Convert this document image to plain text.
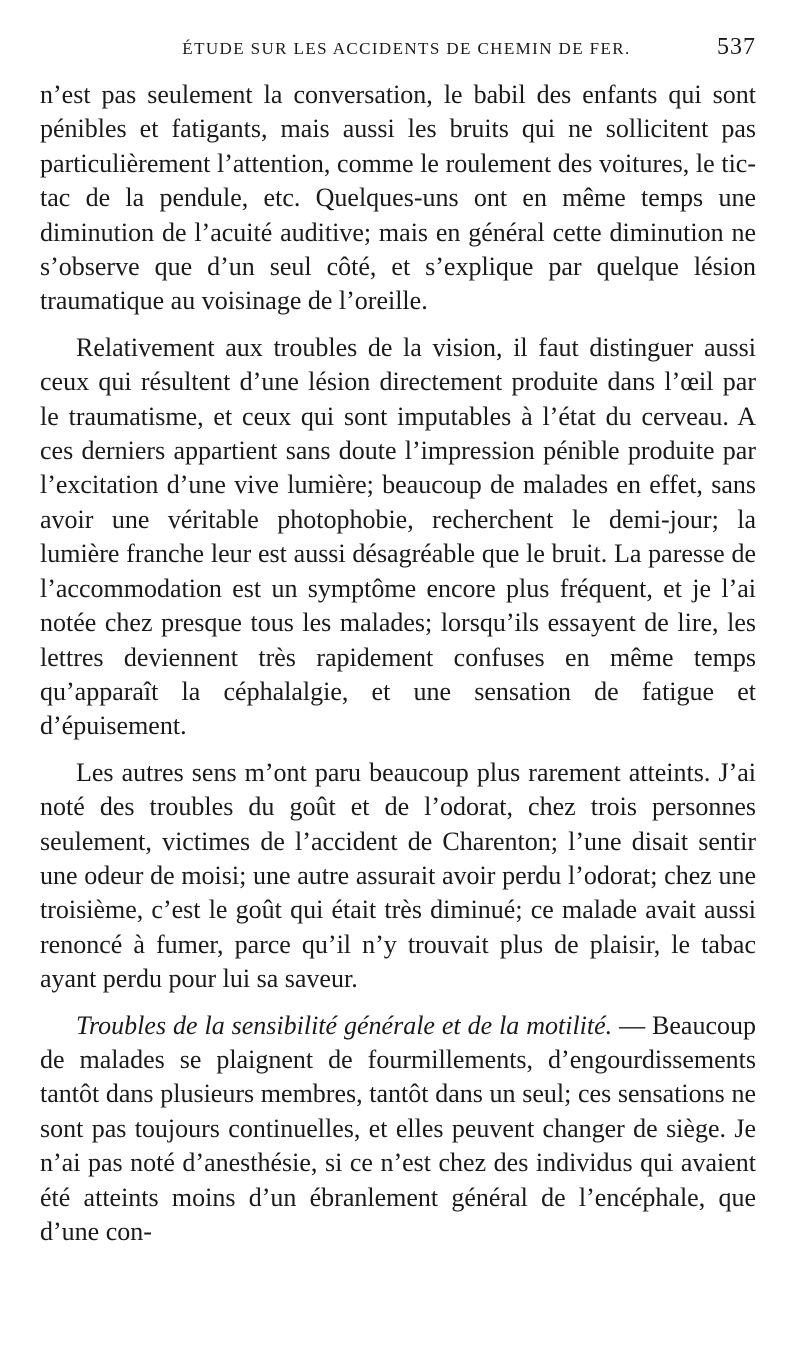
ÉTUDE SUR LES ACCIDENTS DE CHEMIN DE FER.	537

n’est pas seulement la conversation, le babil des enfants qui sont pénibles et fatigants, mais aussi les bruits qui ne sollicitent pas particulièrement l’attention, comme le roulement des voitures, le tic-tac de la pendule, etc. Quelques-uns ont en même temps une diminution de l’acuité auditive; mais en général cette diminution ne s’observe que d’un seul côté, et s’explique par quelque lésion traumatique au voisinage de l’oreille.

Relativement aux troubles de la vision, il faut distinguer aussi ceux qui résultent d’une lésion directement produite dans l’œil par le traumatisme, et ceux qui sont imputables à l’état du cerveau. A ces derniers appartient sans doute l’impression pénible produite par l’excitation d’une vive lumière; beaucoup de malades en effet, sans avoir une véritable photophobie, recherchent le demi-jour; la lumière franche leur est aussi désagréable que le bruit. La paresse de l’accommodation est un symptôme encore plus fréquent, et je l’ai notée chez presque tous les malades; lorsqu’ils essayent de lire, les lettres deviennent très rapidement confuses en même temps qu’apparaît la céphalalgie, et une sensation de fatigue et d’épuisement.

Les autres sens m’ont paru beaucoup plus rarement atteints. J’ai noté des troubles du goût et de l’odorat, chez trois personnes seulement, victimes de l’accident de Charenton; l’une disait sentir une odeur de moisi; une autre assurait avoir perdu l’odorat; chez une troisième, c’est le goût qui était très diminué; ce malade avait aussi renoncé à fumer, parce qu’il n’y trouvait plus de plaisir, le tabac ayant perdu pour lui sa saveur.

Troubles de la sensibilité générale et de la motilité. — Beaucoup de malades se plaignent de fourmillements, d’engourdissements tantôt dans plusieurs membres, tantôt dans un seul; ces sensations ne sont pas toujours continuelles, et elles peuvent changer de siège. Je n’ai pas noté d’anesthésie, si ce n’est chez des individus qui avaient été atteints moins d’un ébranlement général de l’encéphale, que d’une con-
